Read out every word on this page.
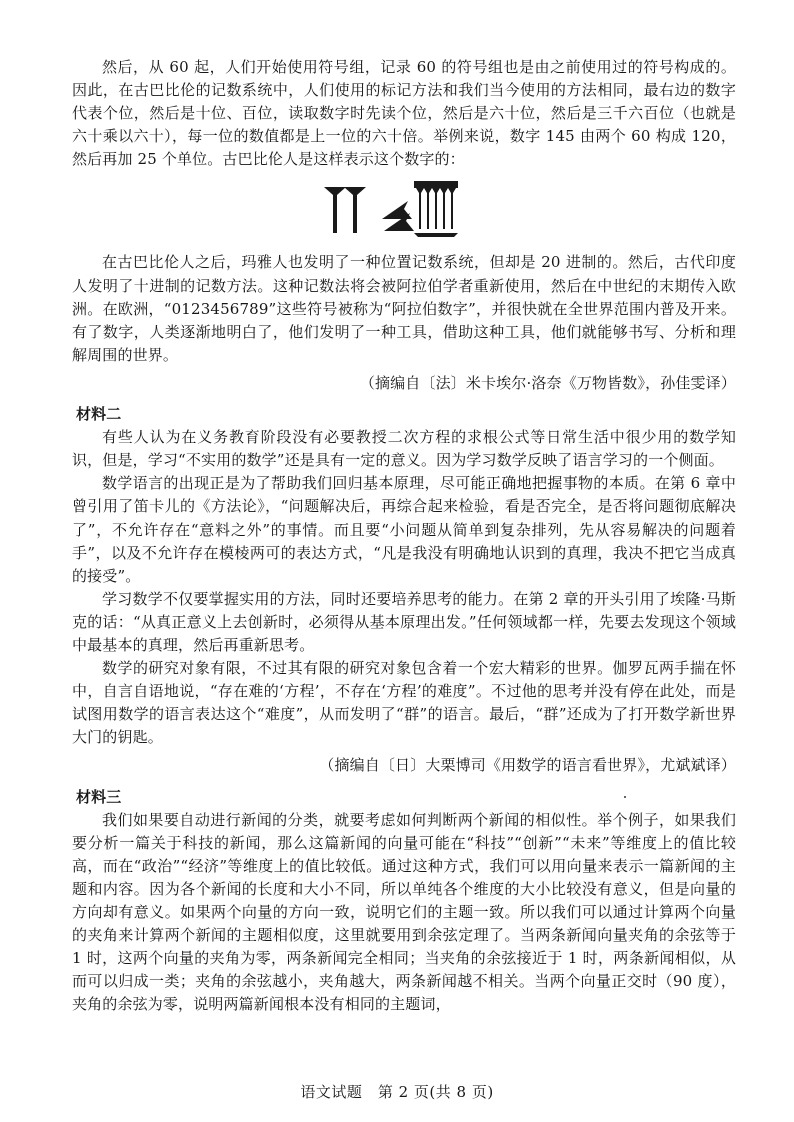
然后，从 60 起，人们开始使用符号组，记录 60 的符号组也是由之前使用过的符号构成的。因此，在古巴比伦的记数系统中，人们使用的标记方法和我们当今使用的方法相同，最右边的数字代表个位，然后是十位、百位，读取数字时先读个位，然后是六十位，然后是三千六百位（也就是六十乘以六十），每一位的数值都是上一位的六十倍。举例来说，数字 145 由两个 60 构成 120，然后再加 25 个单位。古巴比伦人是这样表示这个数字的：

在古巴比伦人之后，玛雅人也发明了一种位置记数系统，但却是 20 进制的。然后，古代印度人发明了十进制的记数方法。这种记数法将会被阿拉伯学者重新使用，然后在中世纪的末期传入欧洲。在欧洲，“0123456789”这些符号被称为“阿拉伯数字”，并很快就在全世界范围内普及开来。有了数字，人类逐渐地明白了，他们发明了一种工具，借助这种工具，他们就能够书写、分析和理解周围的世界。

（摘编自〔法〕米卡埃尔·洛奈《万物皆数》，孙佳雯译）

材料二

有些人认为在义务教育阶段没有必要教授二次方程的求根公式等日常生活中很少用的数学知识，但是，学习“不实用的数学”还是具有一定的意义。因为学习数学反映了语言学习的一个侧面。

数学语言的出现正是为了帮助我们回归基本原理，尽可能正确地把握事物的本质。在第 6 章中曾引用了笛卡儿的《方法论》，“问题解决后，再综合起来检验，看是否完全，是否将问题彻底解决了”，不允许存在“意料之外”的事情。而且要“小问题从简单到复杂排列，先从容易解决的问题着手”，以及不允许存在模棱两可的表达方式，“凡是我没有明确地认识到的真理，我决不把它当成真的接受”。

学习数学不仅要掌握实用的方法，同时还要培养思考的能力。在第 2 章的开头引用了埃隆·马斯克的话：“从真正意义上去创新时，必须得从基本原理出发。”任何领域都一样，先要去发现这个领域中最基本的真理，然后再重新思考。

数学的研究对象有限，不过其有限的研究对象包含着一个宏大精彩的世界。伽罗瓦两手揣在怀中，自言自语地说，“存在难的‘方程’，不存在‘方程’的难度”。不过他的思考并没有停在此处，而是试图用数学的语言表达这个“难度”，从而发明了“群”的语言。最后，“群”还成为了打开数学新世界大门的钥匙。

（摘编自〔日〕大栗博司《用数学的语言看世界》，尤斌斌译）

材料三

我们如果要自动进行新闻的分类，就要考虑如何判断两个新闻的相似性。举个例子，如果我们要分析一篇关于科技的新闻，那么这篇新闻的向量可能在“科技”“创新”“未来”等维度上的值比较高，而在“政治”“经济”等维度上的值比较低。通过这种方式，我们可以用向量来表示一篇新闻的主题和内容。因为各个新闻的长度和大小不同，所以单纯各个维度的大小比较没有意义，但是向量的方向却有意义。如果两个向量的方向一致，说明它们的主题一致。所以我们可以通过计算两个向量的夹角来计算两个新闻的主题相似度，这里就要用到余弦定理了。当两条新闻向量夹角的余弦等于 1 时，这两个向量的夹角为零，两条新闻完全相同；当夹角的余弦接近于 1 时，两条新闻相似，从而可以归成一类；夹角的余弦越小，夹角越大，两条新闻越不相关。当两个向量正交时（90 度），夹角的余弦为零，说明两篇新闻根本没有相同的主题词，

语文试题　第 2 页(共 8 页)
